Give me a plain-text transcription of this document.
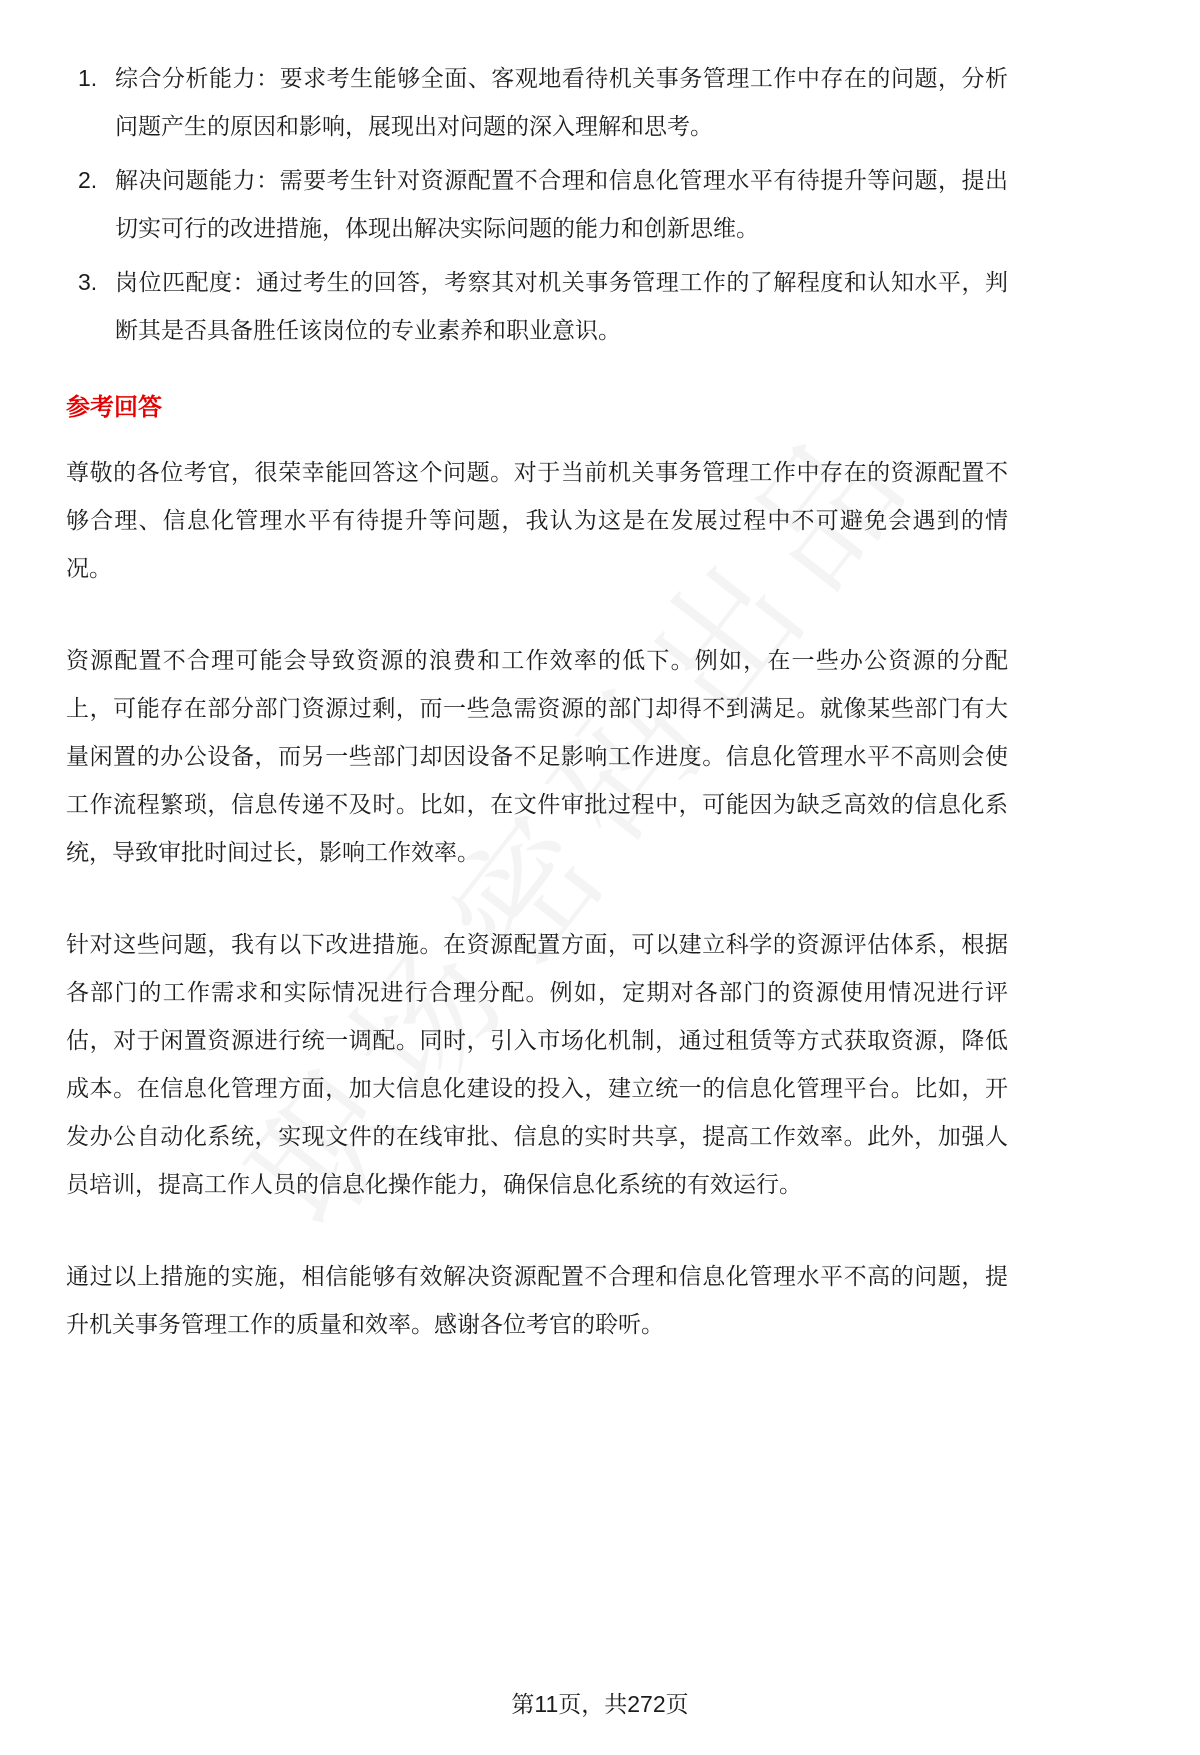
1. 综合分析能力：要求考生能够全面、客观地看待机关事务管理工作中存在的问题，分析问题产生的原因和影响，展现出对问题的深入理解和思考。
2. 解决问题能力：需要考生针对资源配置不合理和信息化管理水平有待提升等问题，提出切实可行的改进措施，体现出解决实际问题的能力和创新思维。
3. 岗位匹配度：通过考生的回答，考察其对机关事务管理工作的了解程度和认知水平，判断其是否具备胜任该岗位的专业素养和职业意识。
参考回答

尊敬的各位考官，很荣幸能回答这个问题。对于当前机关事务管理工作中存在的资源配置不够合理、信息化管理水平有待提升等问题，我认为这是在发展过程中不可避免会遇到的情况。

资源配置不合理可能会导致资源的浪费和工作效率的低下。例如，在一些办公资源的分配上，可能存在部分部门资源过剩，而一些急需资源的部门却得不到满足。就像某些部门有大量闲置的办公设备，而另一些部门却因设备不足影响工作进度。信息化管理水平不高则会使工作流程繁琐，信息传递不及时。比如，在文件审批过程中，可能因为缺乏高效的信息化系统，导致审批时间过长，影响工作效率。

针对这些问题，我有以下改进措施。在资源配置方面，可以建立科学的资源评估体系，根据各部门的工作需求和实际情况进行合理分配。例如，定期对各部门的资源使用情况进行评估，对于闲置资源进行统一调配。同时，引入市场化机制，通过租赁等方式获取资源，降低成本。在信息化管理方面，加大信息化建设的投入，建立统一的信息化管理平台。比如，开发办公自动化系统，实现文件的在线审批、信息的实时共享，提高工作效率。此外，加强人员培训，提高工作人员的信息化操作能力，确保信息化系统的有效运行。

通过以上措施的实施，相信能够有效解决资源配置不合理和信息化管理水平不高的问题，提升机关事务管理工作的质量和效率。感谢各位考官的聆听。

第11页，共272页
